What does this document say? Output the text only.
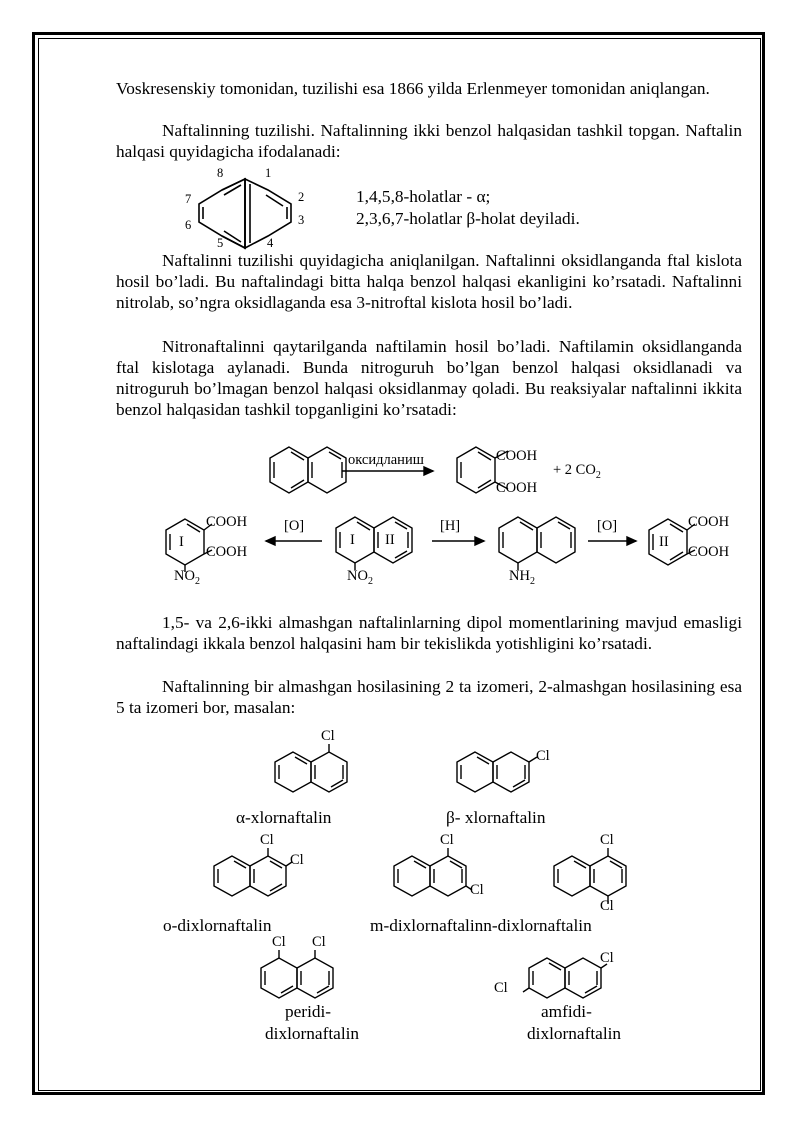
Voskresenskiy tomonidan, tuzilishi esa 1866 yilda Erlenmeyer tomonidan aniqlangan.

Naftalinning tuzilishi. Naftalinning ikki benzol halqasidan tashkil topgan. Naftalin halqasi quyidagicha ifodalanadi:

8	1
2
3
4
5
6
7	1,4,5,8-holatlar - α;
2,3,6,7-holatlar β-holat deyiladi.

Naftalinni tuzilishi quyidagicha aniqlanilgan. Naftalinni oksidlanganda ftal kislota hosil bo’ladi. Bu naftalindagi bitta halqa benzol halqasi ekanligini ko’rsatadi. Naftalinni nitrolab, so’ngra oksidlaganda esa 3-nitroftal kislota hosil bo’ladi.

Nitronaftalinni qaytarilganda naftilamin hosil bo’ladi. Naftilamin oksidlanganda ftal kislotaga aylanadi. Bunda nitroguruh bo’lgan benzol halqasi oksidlanadi va nitroguruh bo’lmagan benzol halqasi oksidlanmay qoladi. Bu reaksiyalar naftalinni ikkita benzol halqasidan tashkil topganligini ko’rsatadi:

оксидланиш	COOH
COOH
+ 2 $CO_2$
COOH
COOH
I
$NO_2$
[O]
I II
$NO_2$
[H]
$NH_2$
[O]	COOH
COOH
II

1,5- va 2,6-ikki almashgan naftalinlarning dipol momentlarining mavjud emasligi naftalindagi ikkala benzol halqasini ham bir tekislikda yotishligini ko’rsatadi.

Naftalinning bir almashgan hosilasining 2 ta izomeri, 2-almashgan hosilasining esa 5 ta izomeri bor, masalan:

Cl
Cl
α-xlornaftalin	β- xlornaftalin
Cl
Cl
Cl
Cl
Cl
Cl
o-dixlornaftalin	m-dixlornaftalinn-dixlornaftalin
Cl Cl
Cl
Cl
peridi-
dixlornaftalin
amfidi-
dixlornaftalin
